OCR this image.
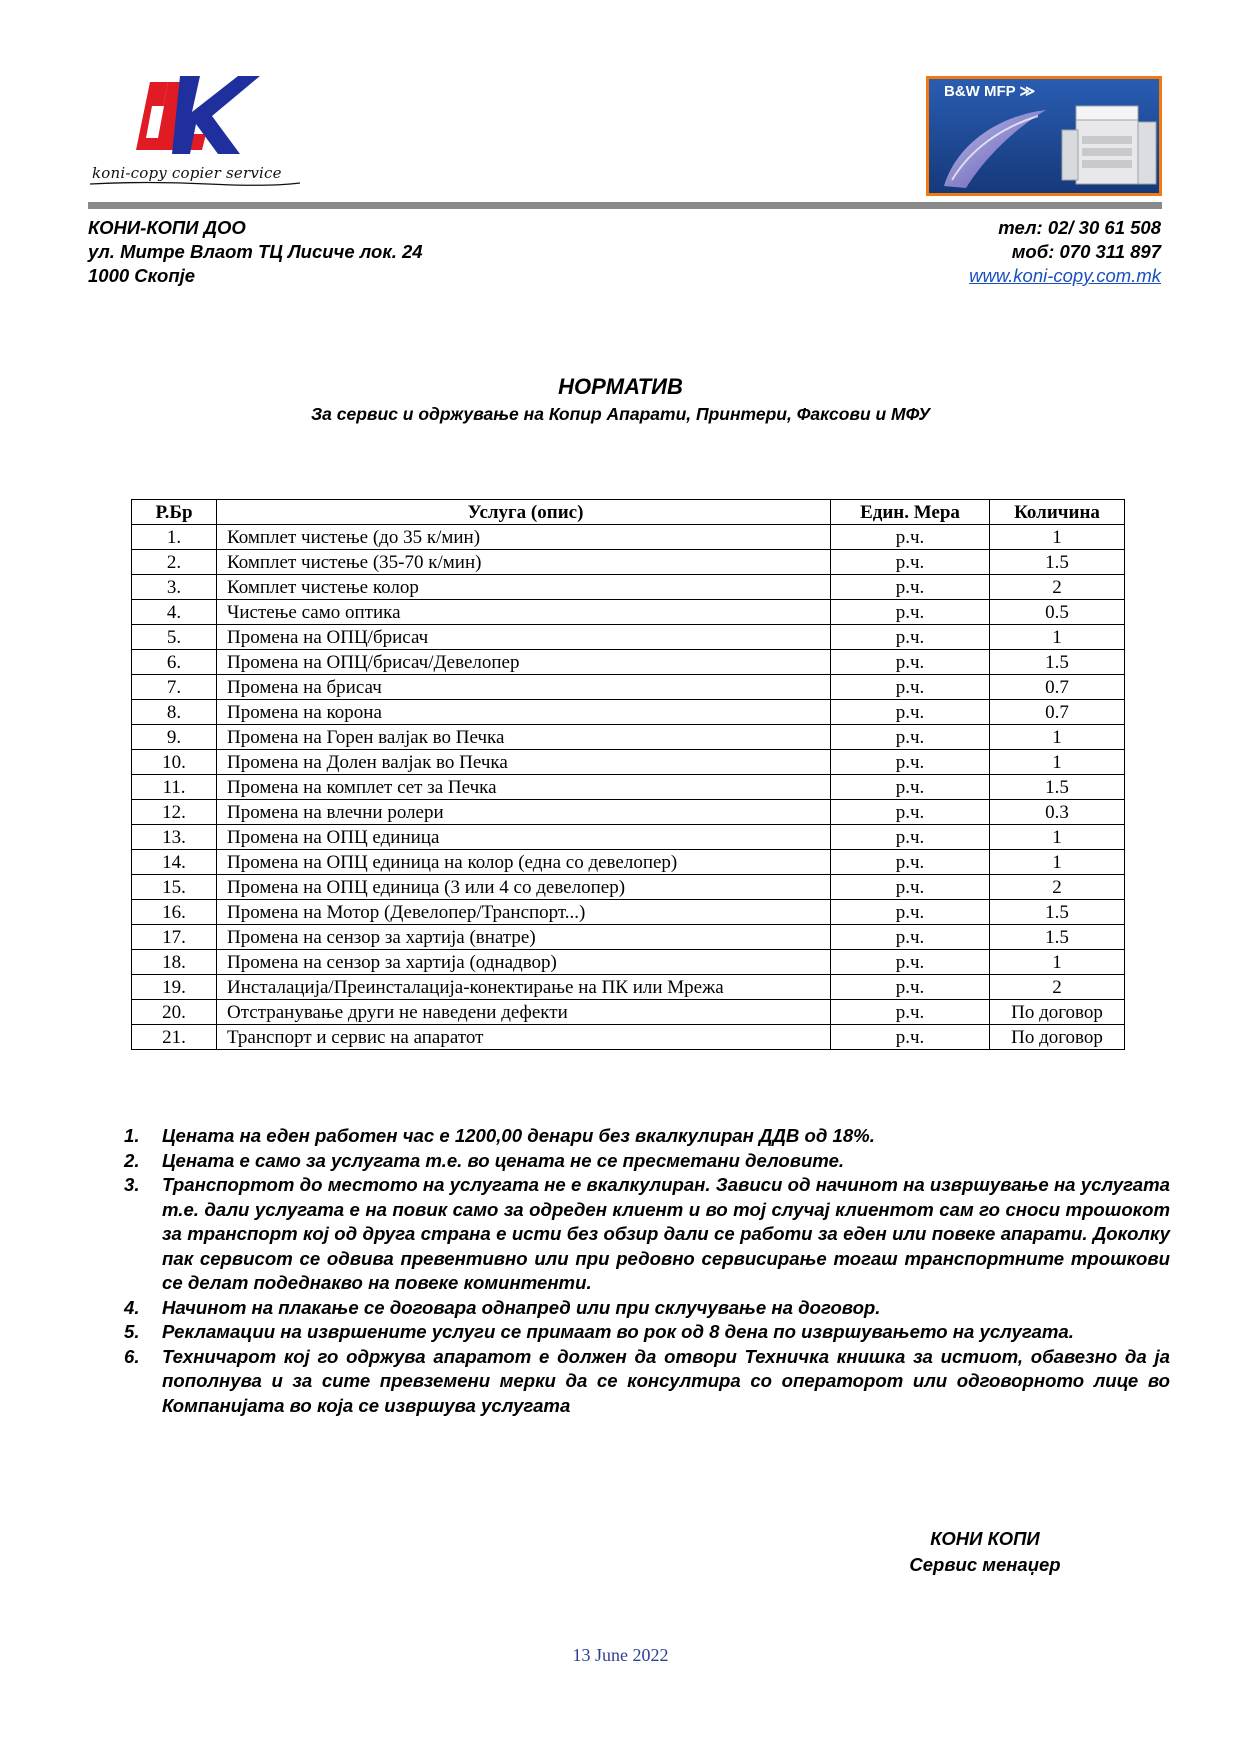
koni-copy copier service
B&W MFP ≫
КОНИ-КОПИ ДОО
ул. Митре Влаот ТЦ Лисиче лок. 24
1000 Скопје
тел: 02/ 30 61 508
моб: 070 311 897
www.koni-copy.com.mk
НОРМАТИВ
За сервис и одржување на Копир Апарати, Принтери, Факсови и МФУ
Р.Бр	Услуга (опис)	Един. Мера	Количина
1.	Комплет чистење (до 35 к/мин)	р.ч.	1
2.	Комплет чистење (35-70 к/мин)	р.ч.	1.5
3.	Комплет чистење колор	р.ч.	2
4.	Чистење само оптика	р.ч.	0.5
5.	Промена на ОПЦ/брисач	р.ч.	1
6.	Промена на ОПЦ/брисач/Девелопер	р.ч.	1.5
7.	Промена на брисач	р.ч.	0.7
8.	Промена на корона	р.ч.	0.7
9.	Промена на Горен валјак во Печка	р.ч.	1
10.	Промена на Долен валјак во Печка	р.ч.	1
11.	Промена на комплет сет за Печка	р.ч.	1.5
12.	Промена на влечни ролери	р.ч.	0.3
13.	Промена на ОПЦ единица	р.ч.	1
14.	Промена на ОПЦ единица на колор (една со девелопер)	р.ч.	1
15.	Промена на ОПЦ единица (3 или 4 со девелопер)	р.ч.	2
16.	Промена на Мотор (Девелопер/Транспорт...)	р.ч.	1.5
17.	Промена на сензор за хартија (внатре)	р.ч.	1.5
18.	Промена на сензор за хартија (однадвор)	р.ч.	1
19.	Инсталација/Преинсталација-конектирање на ПК или Мрежа	р.ч.	2
20.	Отстранување други не наведени дефекти	р.ч.	По договор
21.	Транспорт и сервис на апаратот	р.ч.	По договор
1. Цената на еден работен час е 1200,00 денари без вкалкулиран ДДВ од 18%.
2. Цената е само за услугата т.е. во цената не се пресметани деловите.
3. Транспортот до местото на услугата не е вкалкулиран. Зависи од начинот на извршување на услугата т.е. дали услугата е на повик само за одреден клиент и во тој случај клиентот сам го сноси трошокот за транспорт кој од друга страна е исти без обзир дали се работи за еден или повеке апарати. Доколку пак сервисот се одвива превентивно или при редовно сервисирање тогаш транспортните трошкови се делат подеднакво на повеке коминтенти.
4. Начинот на плакање се договара однапред или при склучување на договор.
5. Рекламации на извршените услуги се примаат во рок од 8 дена по извршувањето на услугата.
6. Техничарот кој го одржува апаратот е должен да отвори Техничка книшка за истиот, обавезно да ја пополнува и за сите превземени мерки да се консултира со операторот или одговорното лице во Компанијата во која се извршува услугата
КОНИ КОПИ
Сервис менаџер
13 June 2022
